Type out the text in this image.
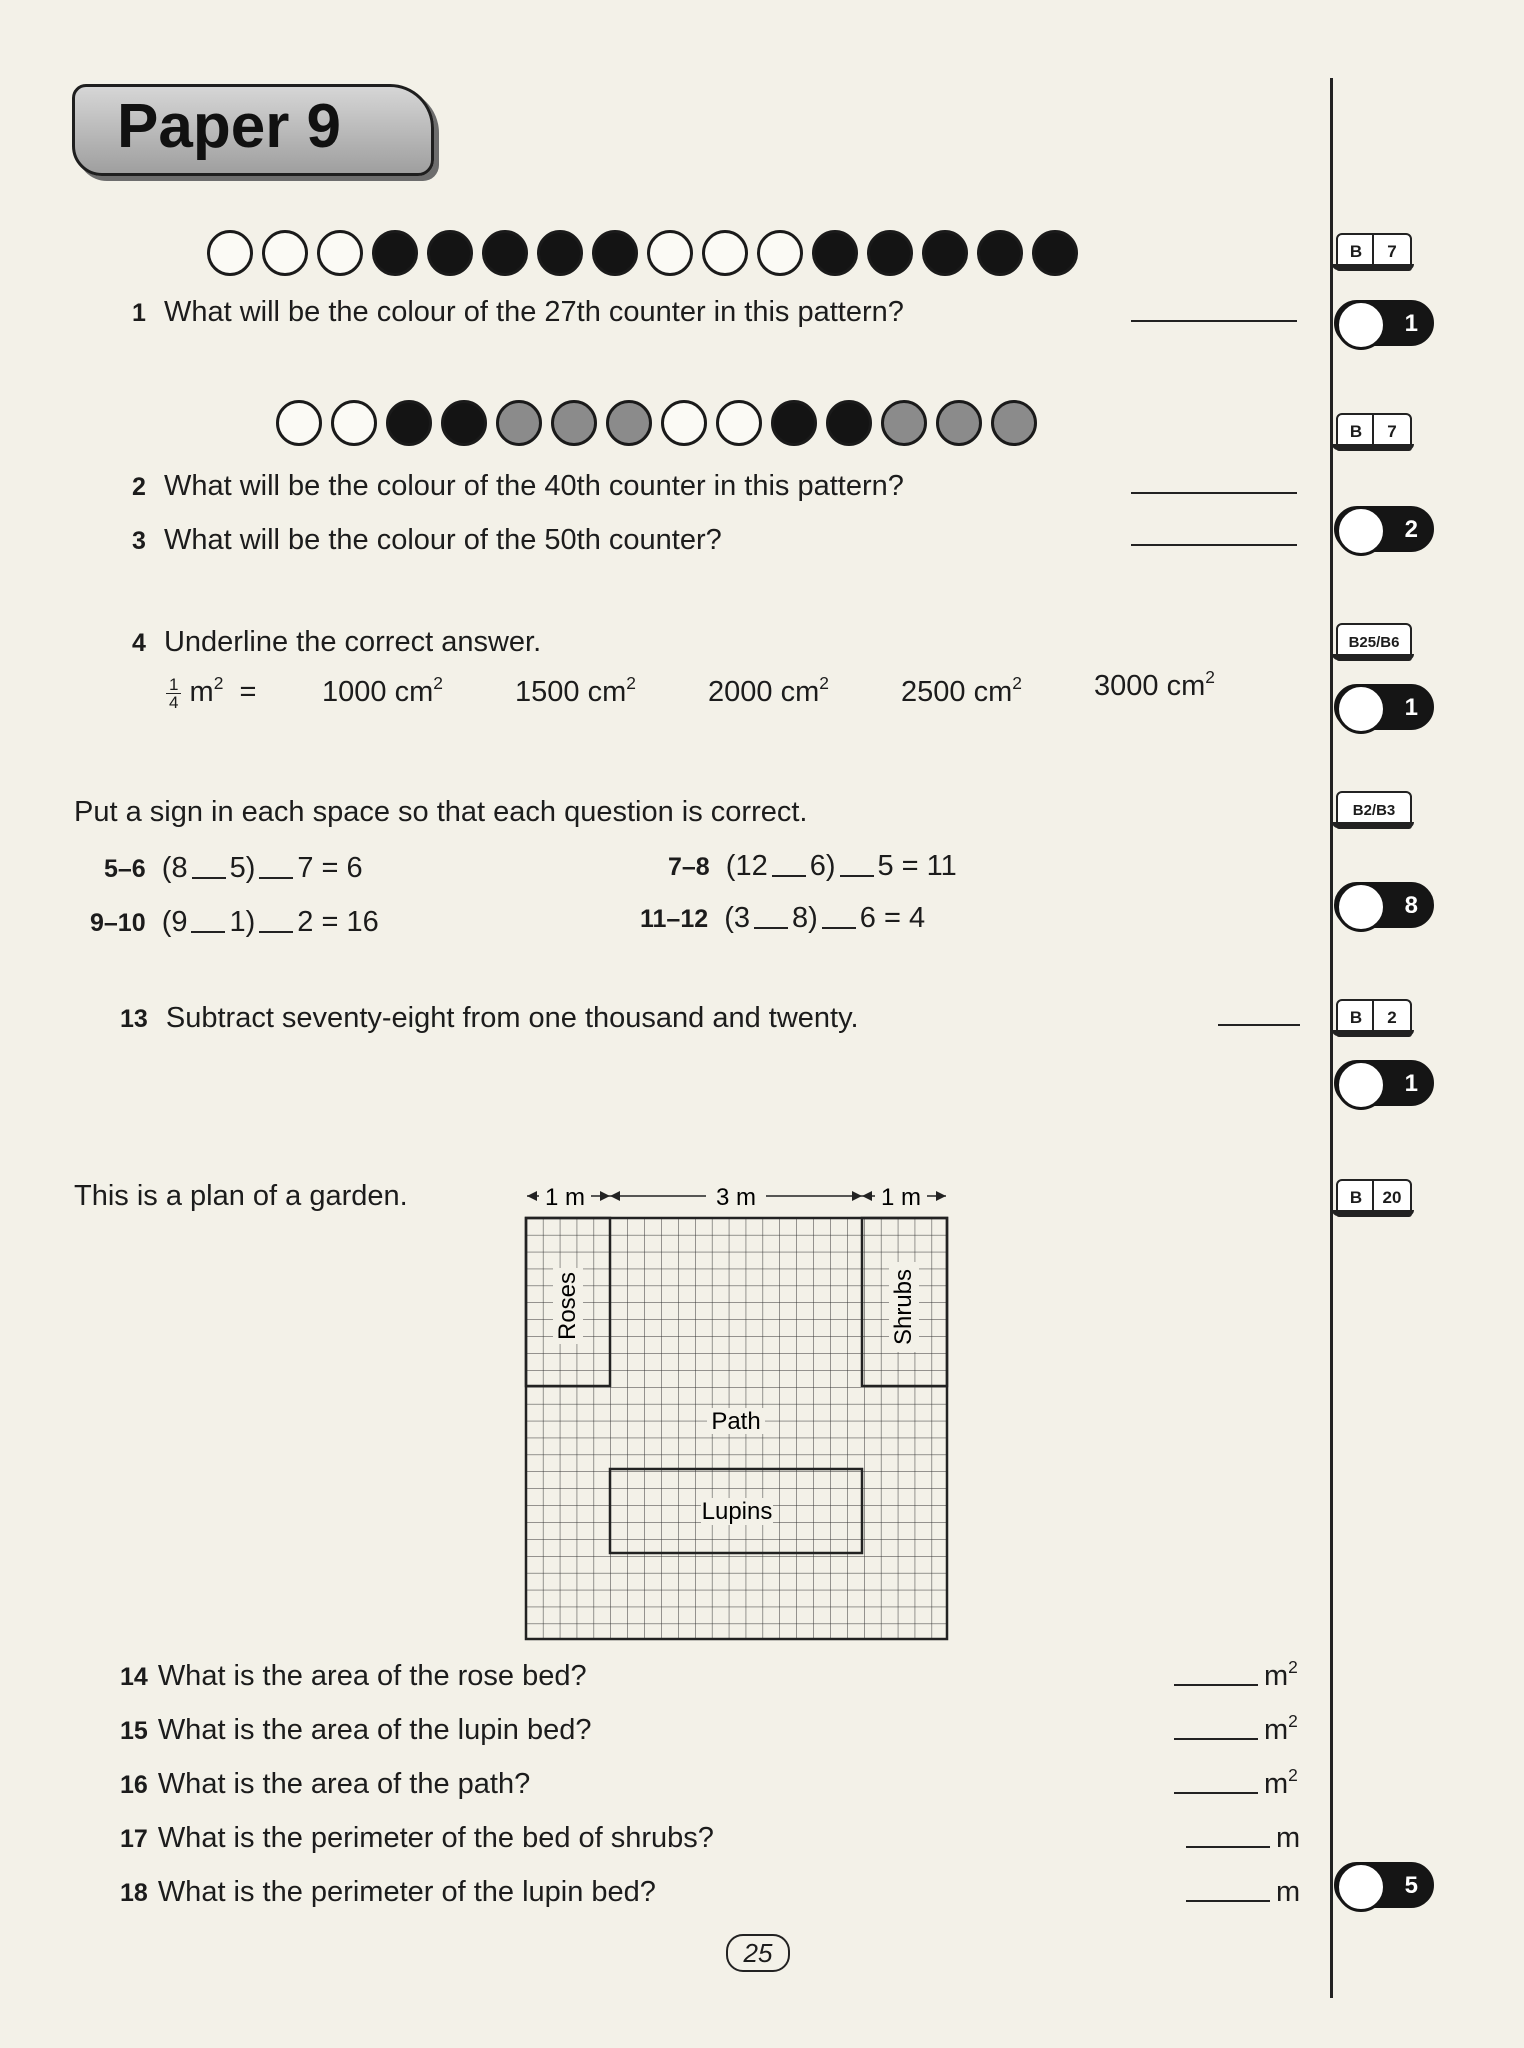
Paper 9
1 What will be the colour of the 27th counter in this pattern?
2 What will be the colour of the 40th counter in this pattern?
3 What will be the colour of the 50th counter?
4 Underline the correct answer.
$\frac{1}{4} m^2 = 1000$ $cm^2$ 1500 $cm^2$ 2000 $cm^2$ 2500 $cm^2$ 3000 $cm^2$
Put a sign in each space so that each question is correct.
5–6 (8 5) 7 = 6	7–8 (12 6) 5 = 11
9–10 (9 1) 2 = 16	11–12 (3 8) 6 = 4
13 Subtract seventy-eight from one thousand and twenty.
This is a plan of a garden.	1 m	3 m	1 m
Roses	Shrubs
Path
Lupins
14 What is the area of the rose bed?	$m^2$
15 What is the area of the lupin bed?	$m^2$
16 What is the area of the path?	$m^2$
17 What is the perimeter of the bed of shrubs?	m
18 What is the perimeter of the lupin bed?	m
B	7
B	7
B25/B6
B2/B3
B	2
B	20
1
2
1
8
1
5
25
